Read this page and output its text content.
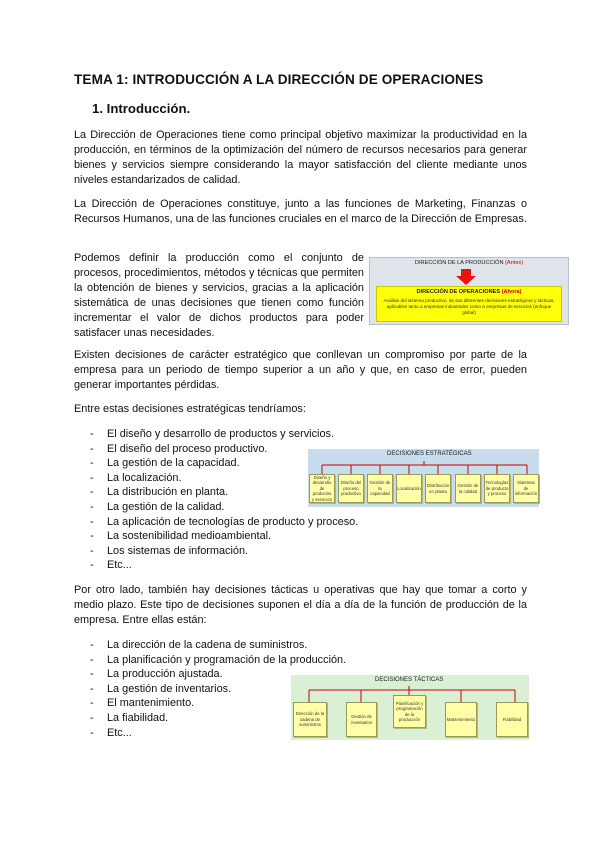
TEMA 1: INTRODUCCIÓN A LA DIRECCIÓN DE OPERACIONES
1. Introducción.

La Dirección de Operaciones tiene como principal objetivo maximizar la productividad en la producción, en términos de la optimización del número de recursos necesarios para generar bienes y servicios siempre considerando la mayor satisfacción del cliente mediante unos niveles estandarizados de calidad.

La Dirección de Operaciones constituye, junto a las funciones de Marketing, Finanzas o Recursos Humanos, una de las funciones cruciales en el marco de la Dirección de Empresas.

Podemos definir la producción como el conjunto de procesos, procedimientos, métodos y técnicas que permiten la obtención de bienes y servicios, gracias a la aplicación sistemática de unas decisiones que tienen como función incrementar el valor de dichos productos para poder satisfacer unas necesidades.

DIRECCIÓN DE LA PRODUCCIÓN (Antes)
DIRECCIÓN DE OPERACIONES (Ahora)
Análisis del sistema productivo, de sus diferentes decisiones estratégicas y tácticas, aplicables tanto a empresas industriales como a empresas de servicios (enfoque global)

Existen decisiones de carácter estratégico que conllevan un compromiso por parte de la empresa para un periodo de tiempo superior a un año y que, en caso de error, pueden generar importantes pérdidas.

Entre estas decisiones estratégicas tendríamos:

- El diseño y desarrollo de productos y servicios.
- El diseño del proceso productivo.
- La gestión de la capacidad.
- La localización.
- La distribución en planta.
- La gestión de la calidad.
- La aplicación de tecnologías de producto y proceso.
- La sostenibilidad medioambiental.
- Los sistemas de información.
- Etc...
DECISIONES ESTRATÉGICAS
Diseño y desarrollo de productos y servicios
Diseño del proceso productivo
Gestión de la capacidad
Localización
Distribución en planta
Gestión de la calidad
Tecnologías de producto y proceso
Sistemas de información

Por otro lado, también hay decisiones tácticas u operativas que hay que tomar a corto y medio plazo. Este tipo de decisiones suponen el día a día de la función de producción de la empresa. Entre ellas están:

- La dirección de la cadena de suministros.
- La planificación y programación de la producción.
- La producción ajustada.
- La gestión de inventarios.
- El mantenimiento.
- La fiabilidad.
- Etc...
DECISIONES TÁCTICAS
Dirección de la cadena de suministros
Gestión de inventarios
Planificación y programación de la producción	Mantenimiento	Fiabilidad
